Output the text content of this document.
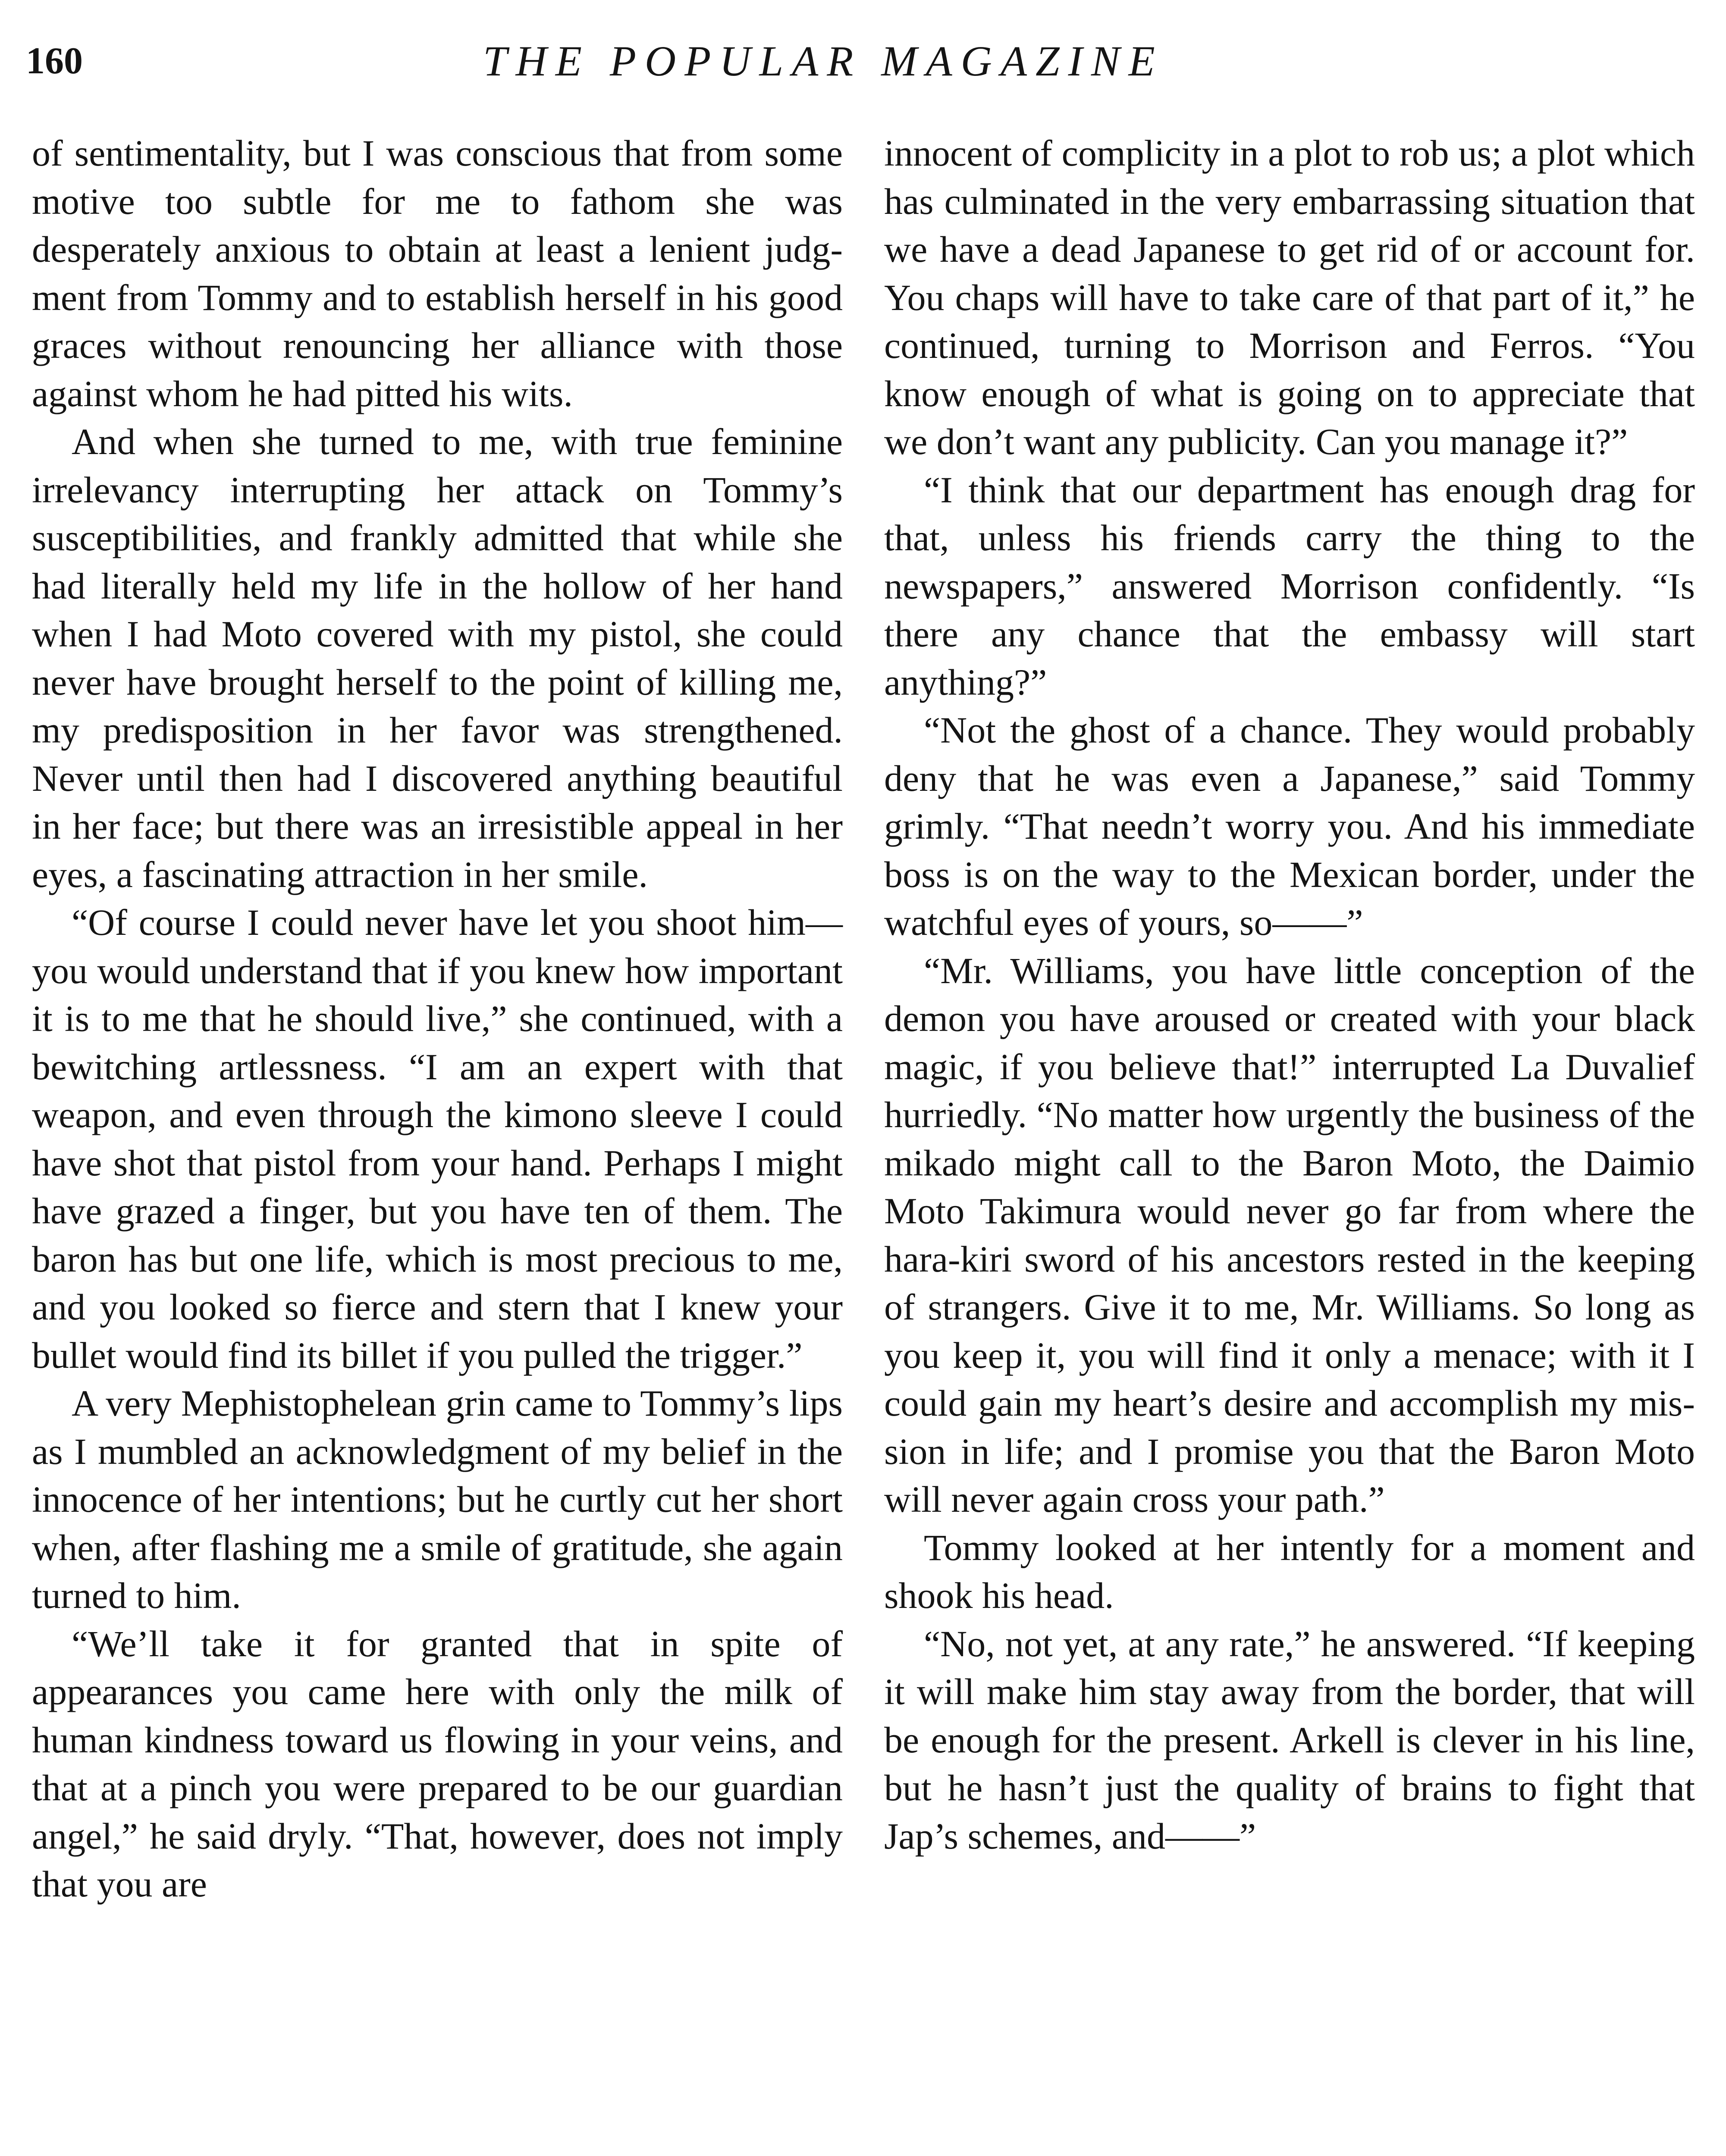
160	THE POPULAR MAGAZINE

of sentimentality, but I was conscious that from some motive too subtle for me to fathom she was desperately anxious to obtain at least a lenient judgment from Tommy and to establish herself in his good graces without renouncing her alliance with those against whom he had pitted his wits.

And when she turned to me, with true feminine irrelevancy interrupting her attack on Tommy’s susceptibilities, and frankly admitted that while she had literally held my life in the hollow of her hand when I had Moto covered with my pistol, she could never have brought herself to the point of killing me, my predisposition in her favor was strengthened. Never until then had I discovered anything beautiful in her face; but there was an irresistible appeal in her eyes, a fascinating attraction in her smile.

“Of course I could never have let you shoot him—you would understand that if you knew how important it is to me that he should live,” she continued, with a bewitching artlessness. “I am an expert with that weapon, and even through the kimono sleeve I could have shot that pistol from your hand. Perhaps I might have grazed a finger, but you have ten of them. The baron has but one life, which is most precious to me, and you looked so fierce and stern that I knew your bullet would find its billet if you pulled the trigger.”

A very Mephistophelean grin came to Tommy’s lips as I mumbled an acknowledgment of my belief in the innocence of her intentions; but he curtly cut her short when, after flashing me a smile of gratitude, she again turned to him.

“We’ll take it for granted that in spite of appearances you came here with only the milk of human kindness toward us flowing in your veins, and that at a pinch you were prepared to be our guardian angel,” he said dryly. “That, however, does not imply that you are

innocent of complicity in a plot to rob us; a plot which has culminated in the very embarrassing situation that we have a dead Japanese to get rid of or account for. You chaps will have to take care of that part of it,” he continued, turning to Morrison and Ferros. “You know enough of what is going on to appreciate that we don’t want any publicity. Can you manage it?”

“I think that our department has enough drag for that, unless his friends carry the thing to the newspapers,” answered Morrison confidently. “Is there any chance that the embassy will start anything?”

“Not the ghost of a chance. They would probably deny that he was even a Japanese,” said Tommy grimly. “That needn’t worry you. And his immediate boss is on the way to the Mexican border, under the watchful eyes of yours, so——”

“Mr. Williams, you have little conception of the demon you have aroused or created with your black magic, if you believe that!” interrupted La Duvalief hurriedly. “No matter how urgently the business of the mikado might call to the Baron Moto, the Daimio Moto Takimura would never go far from where the hara-kiri sword of his ancestors rested in the keeping of strangers. Give it to me, Mr. Williams. So long as you keep it, you will find it only a menace; with it I could gain my heart’s desire and accomplish my mission in life; and I promise you that the Baron Moto will never again cross your path.”

Tommy looked at her intently for a moment and shook his head.

“No, not yet, at any rate,” he answered. “If keeping it will make him stay away from the border, that will be enough for the present. Arkell is clever in his line, but he hasn’t just the quality of brains to fight that Jap’s schemes, and——”
